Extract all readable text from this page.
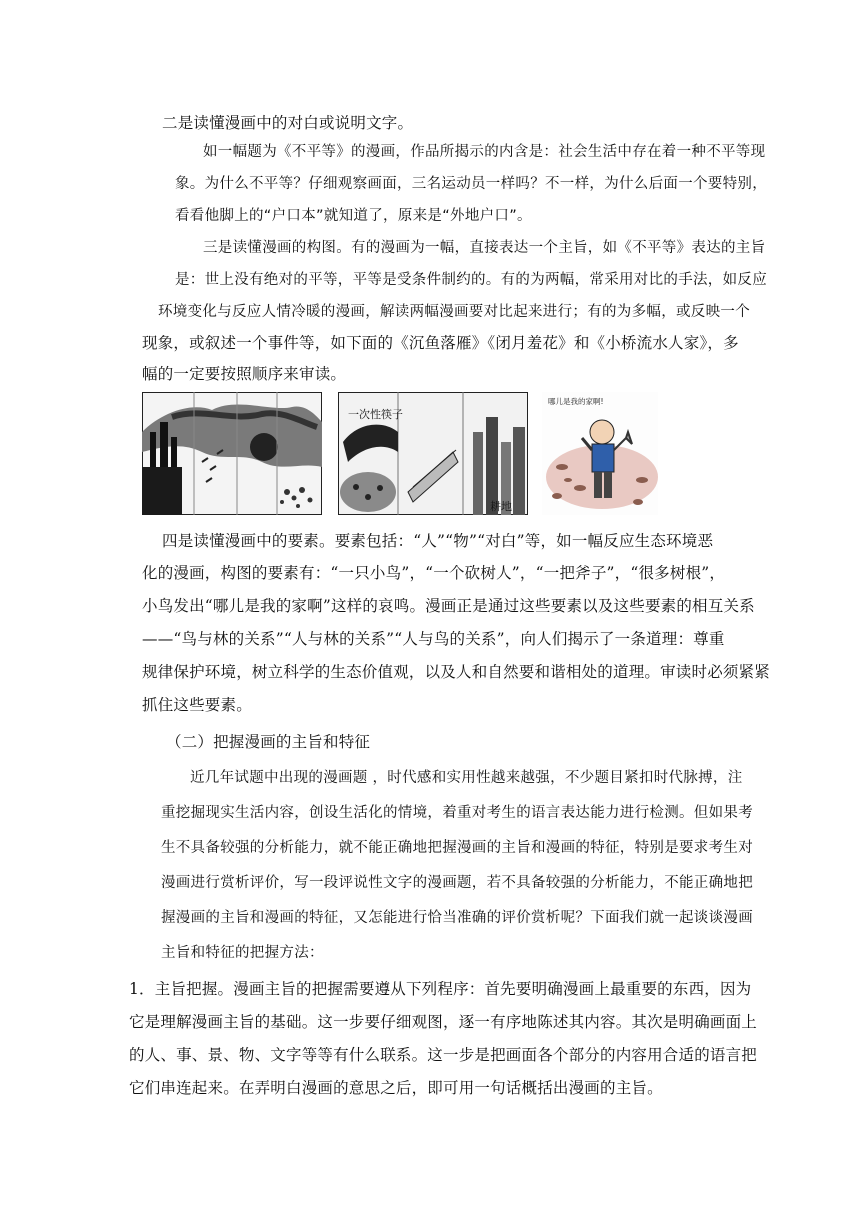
二是读懂漫画中的对白或说明文字。
如一幅题为《不平等》的漫画，作品所揭示的内含是：社会生活中存在着一种不平等现
象。为什么不平等？仔细观察画面，三名运动员一样吗？不一样，为什么后面一个要特别，
看看他脚上的“户口本”就知道了，原来是“外地户口”。
三是读懂漫画的构图。有的漫画为一幅，直接表达一个主旨，如《不平等》表达的主旨
是：世上没有绝对的平等，平等是受条件制约的。有的为两幅，常采用对比的手法，如反应
环境变化与反应人情冷暖的漫画，解读两幅漫画要对比起来进行；有的为多幅，或反映一个
现象，或叙述一个事件等，如下面的《沉鱼落雁》《闭月羞花》和《小桥流水人家》，多
幅的一定要按照顺序来审读。
一次性筷子
耕地
哪儿是我的家啊!
四是读懂漫画中的要素。要素包括：“人”“物”“对白”等，如一幅反应生态环境恶
化的漫画，构图的要素有：“一只小鸟”，“一个砍树人”，“一把斧子”，“很多树根”，
小鸟发出“哪儿是我的家啊”这样的哀鸣。漫画正是通过这些要素以及这些要素的相互关系
——“鸟与林的关系”“人与林的关系”“人与鸟的关系”，向人们揭示了一条道理：尊重
规律保护环境，树立科学的生态价值观，以及人和自然要和谐相处的道理。审读时必须紧紧
抓住这些要素。
（二）把握漫画的主旨和特征
近几年试题中出现的漫画题 ，时代感和实用性越来越强，不少题目紧扣时代脉搏，注
重挖掘现实生活内容，创设生活化的情境，着重对考生的语言表达能力进行检测。但如果考
生不具备较强的分析能力，就不能正确地把握漫画的主旨和漫画的特征，特别是要求考生对
漫画进行赏析评价，写一段评说性文字的漫画题，若不具备较强的分析能力，不能正确地把
握漫画的主旨和漫画的特征，又怎能进行恰当准确的评价赏析呢？下面我们就一起谈谈漫画
主旨和特征的把握方法：
1．主旨把握。漫画主旨的把握需要遵从下列程序：首先要明确漫画上最重要的东西，因为
它是理解漫画主旨的基础。这一步要仔细观图，逐一有序地陈述其内容。其次是明确画面上
的人、事、景、物、文字等等有什么联系。这一步是把画面各个部分的内容用合适的语言把
它们串连起来。在弄明白漫画的意思之后，即可用一句话概括出漫画的主旨。
